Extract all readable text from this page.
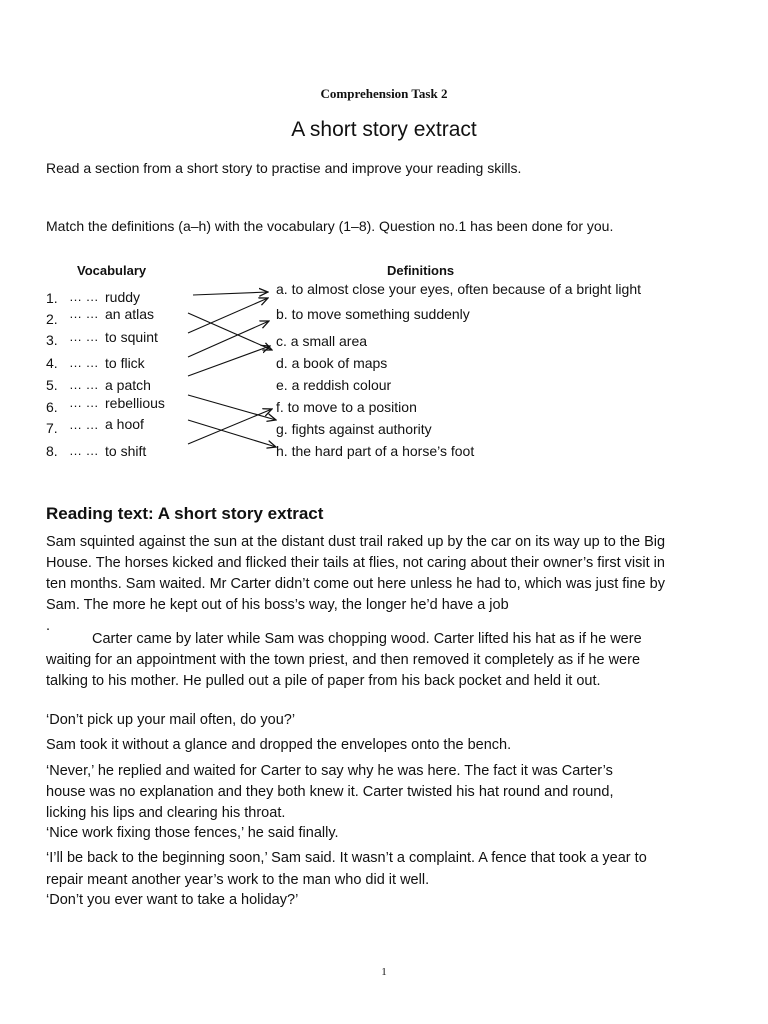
Comprehension Task 2
A short story extract
Read a section from a short story to practise and improve your reading skills.
Match the definitions (a–h) with the vocabulary (1–8). Question no.1 has been done for you.
Vocabulary	Definitions
1. … … ruddy
2. … … an atlas
3. … … to squint
4. … … to flick
5. … … a patch
6. … … rebellious
7. … … a hoof
8. … … to shift
a. to almost close your eyes, often because of a bright light
b. to move something suddenly
c. a small area
d. a book of maps
e. a reddish colour
f. to move to a position
g. fights against authority
h. the hard part of a horse’s foot
Reading text: A short story extract
Sam squinted against the sun at the distant dust trail raked up by the car on its way up to the Big
House. The horses kicked and flicked their tails at flies, not caring about their owner’s first visit in
ten months. Sam waited. Mr Carter didn’t come out here unless he had to, which was just fine by
Sam. The more he kept out of his boss’s way, the longer he’d have a job
.
Carter came by later while Sam was chopping wood. Carter lifted his hat as if he were
waiting for an appointment with the town priest, and then removed it completely as if he were
talking to his mother. He pulled out a pile of paper from his back pocket and held it out.
‘Don’t pick up your mail often, do you?’
Sam took it without a glance and dropped the envelopes onto the bench.
‘Never,’ he replied and waited for Carter to say why he was here. The fact it was Carter’s
house was no explanation and they both knew it. Carter twisted his hat round and round,
licking his lips and clearing his throat.
‘Nice work fixing those fences,’ he said finally.
‘I’ll be back to the beginning soon,’ Sam said. It wasn’t a complaint. A fence that took a year to
repair meant another year’s work to the man who did it well.
‘Don’t you ever want to take a holiday?’
1
